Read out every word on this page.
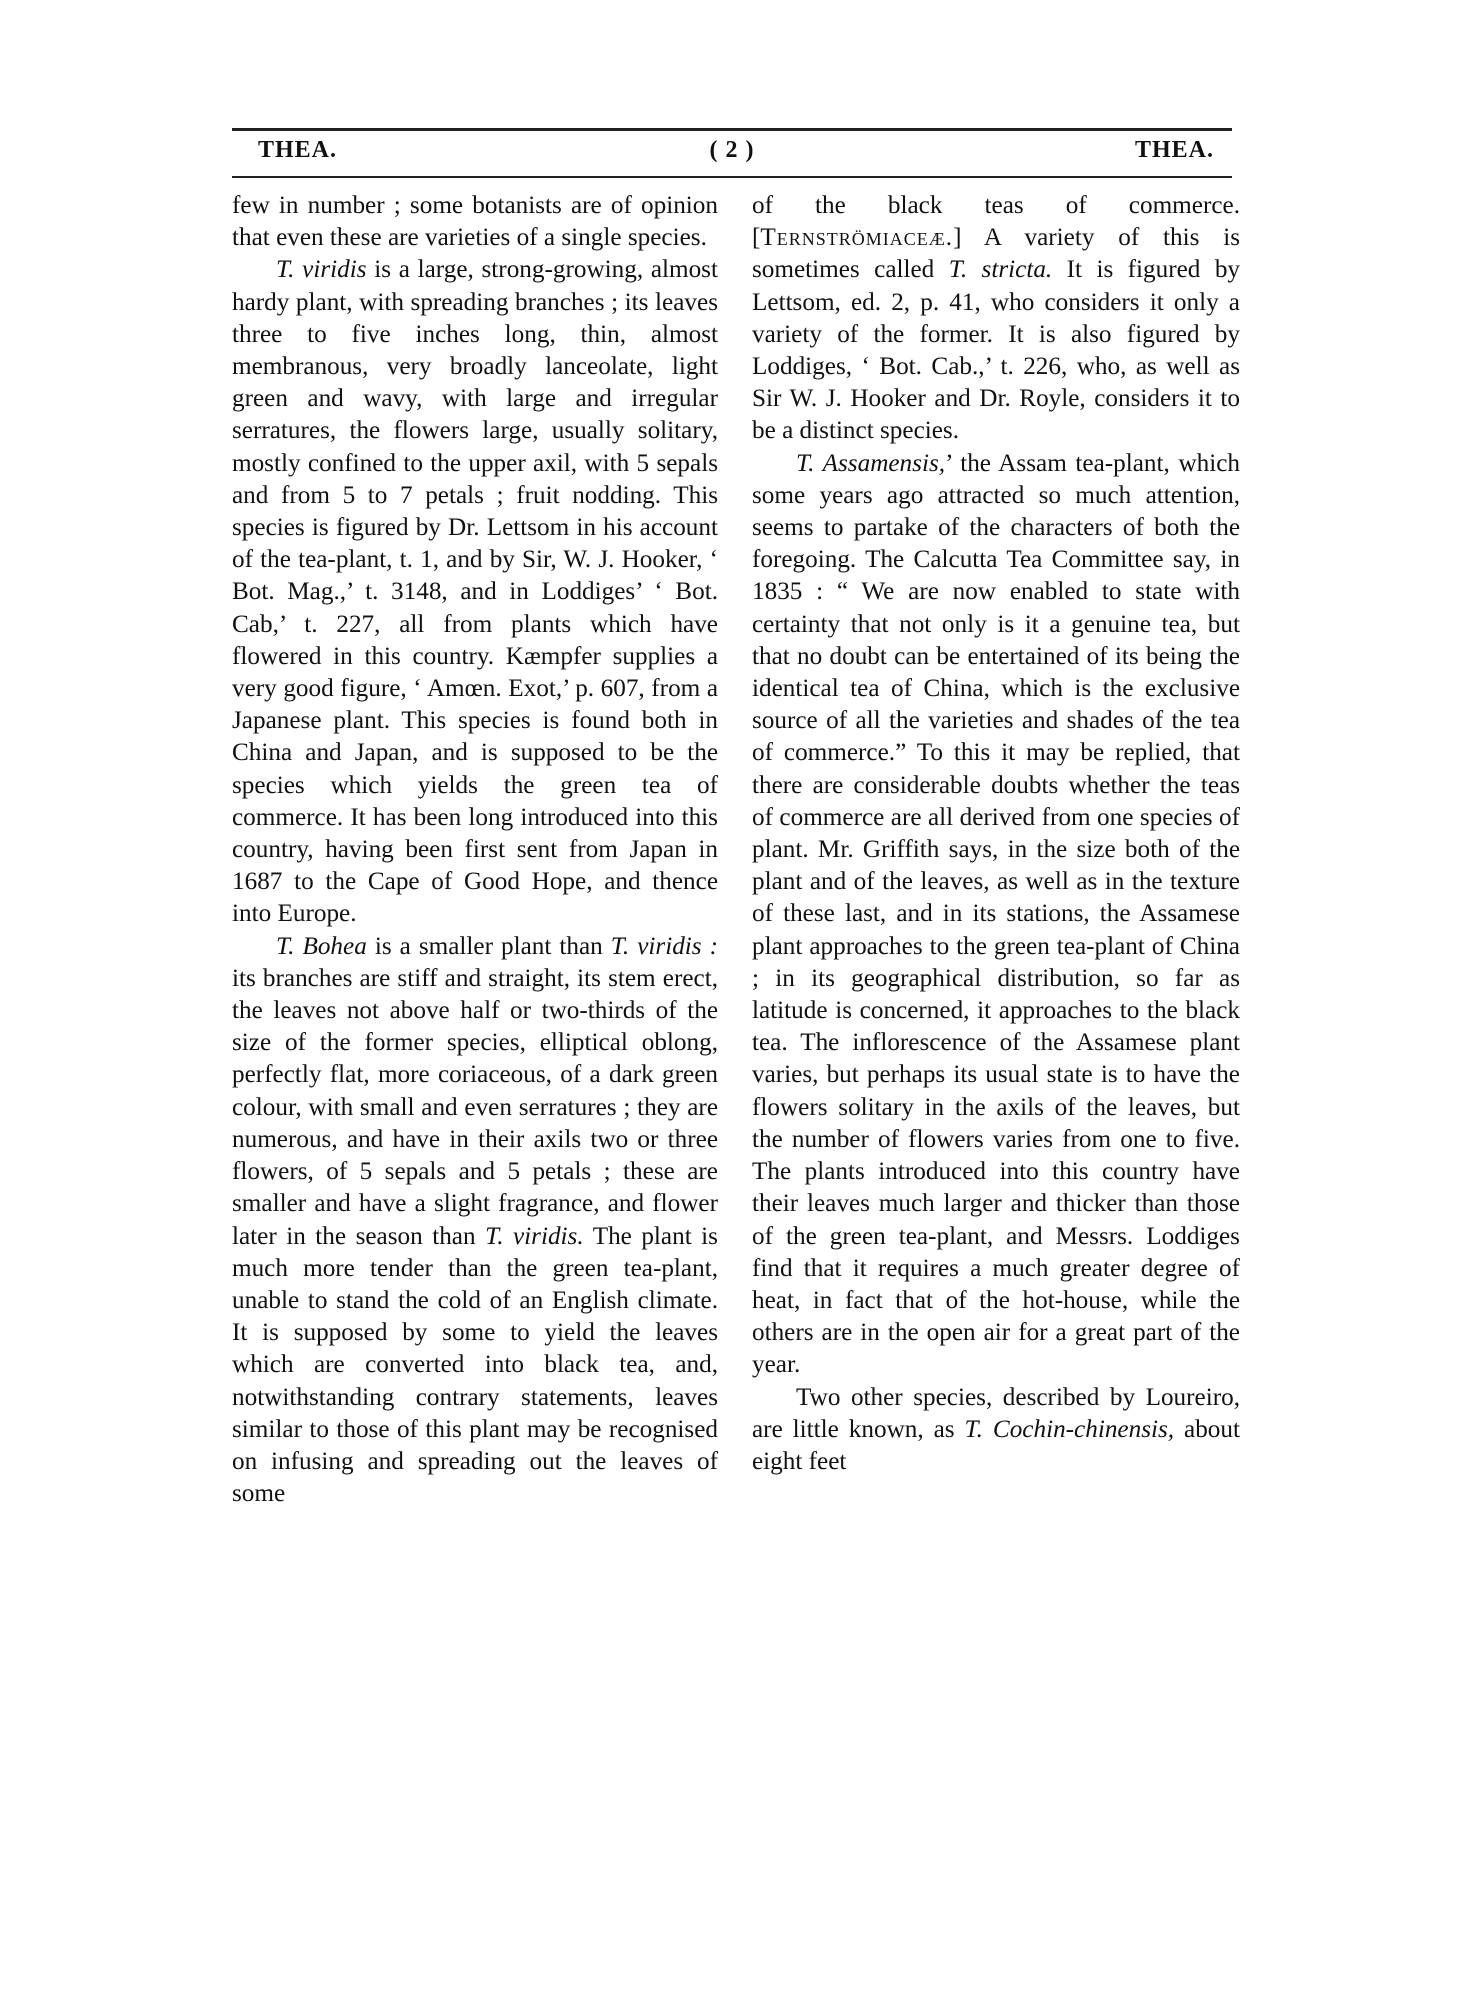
THEA.	( 2 )	THEA.

few in number ; some botanists are of opinion that even these are varieties of a single species.

T. viridis is a large, strong-growing, almost hardy plant, with spreading branches ; its leaves three to five inches long, thin, almost membranous, very broadly lanceolate, light green and wavy, with large and irregular serratures, the flowers large, usually solitary, mostly confined to the upper axil, with 5 sepals and from 5 to 7 petals ; fruit nodding. This species is figured by Dr. Lettsom in his account of the tea-plant, t. 1, and by Sir, W. J. Hooker, ‘ Bot. Mag.,’ t. 3148, and in Loddiges’ ‘ Bot. Cab,’ t. 227, all from plants which have flowered in this country. Kæmpfer supplies a very good figure, ‘ Amœn. Exot,’ p. 607, from a Japanese plant. This species is found both in China and Japan, and is supposed to be the species which yields the green tea of commerce. It has been long introduced into this country, having been first sent from Japan in 1687 to the Cape of Good Hope, and thence into Europe.

T. Bohea is a smaller plant than T. viridis : its branches are stiff and straight, its stem erect, the leaves not above half or two-thirds of the size of the former species, elliptical oblong, perfectly flat, more coriaceous, of a dark green colour, with small and even serratures ; they are numerous, and have in their axils two or three flowers, of 5 sepals and 5 petals ; these are smaller and have a slight fragrance, and flower later in the season than T. viridis. The plant is much more tender than the green tea-plant, unable to stand the cold of an English climate. It is supposed by some to yield the leaves which are converted into black tea, and, notwithstanding contrary statements, leaves similar to those of this plant may be recognised on infusing and spreading out the leaves of some

of the black teas of commerce. [Ternströmiaceæ.] A variety of this is sometimes called T. stricta. It is figured by Lettsom, ed. 2, p. 41, who considers it only a variety of the former. It is also figured by Loddiges, ‘ Bot. Cab.,’ t. 226, who, as well as Sir W. J. Hooker and Dr. Royle, considers it to be a distinct species.

T. Assamensis,’ the Assam tea-plant, which some years ago attracted so much attention, seems to partake of the characters of both the foregoing. The Calcutta Tea Committee say, in 1835 : “ We are now enabled to state with certainty that not only is it a genuine tea, but that no doubt can be entertained of its being the identical tea of China, which is the exclusive source of all the varieties and shades of the tea of commerce.” To this it may be replied, that there are considerable doubts whether the teas of commerce are all derived from one species of plant. Mr. Griffith says, in the size both of the plant and of the leaves, as well as in the texture of these last, and in its stations, the Assamese plant approaches to the green tea-plant of China ; in its geographical distribution, so far as latitude is concerned, it approaches to the black tea. The inflorescence of the Assamese plant varies, but perhaps its usual state is to have the flowers solitary in the axils of the leaves, but the number of flowers varies from one to five. The plants introduced into this country have their leaves much larger and thicker than those of the green tea-plant, and Messrs. Loddiges find that it requires a much greater degree of heat, in fact that of the hot-house, while the others are in the open air for a great part of the year.

Two other species, described by Loureiro, are little known, as T. Cochin-chinensis, about eight feet
